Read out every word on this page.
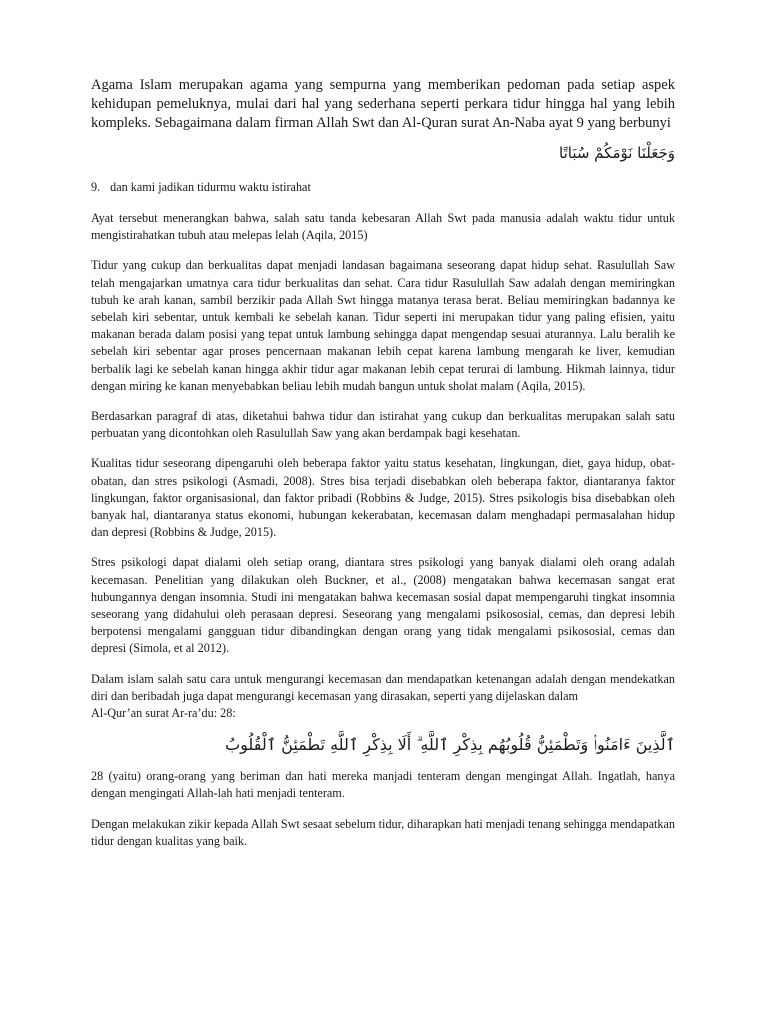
Agama Islam merupakan agama yang sempurna yang memberikan pedoman pada setiap aspek kehidupan pemeluknya, mulai dari hal yang sederhana seperti perkara tidur hingga hal yang lebih kompleks. Sebagaimana dalam firman Allah Swt dan Al-Quran surat An-Naba ayat 9 yang berbunyi

وَجَعَلْنَا نَوْمَكُمْ سُبَاتًا

9. dan kami jadikan tidurmu waktu istirahat

Ayat tersebut menerangkan bahwa, salah satu tanda kebesaran Allah Swt pada manusia adalah waktu tidur untuk mengistirahatkan tubuh atau melepas lelah (Aqila, 2015)

Tidur yang cukup dan berkualitas dapat menjadi landasan bagaimana seseorang dapat hidup sehat. Rasulullah Saw telah mengajarkan umatnya cara tidur berkualitas dan sehat. Cara tidur Rasulullah Saw adalah dengan memiringkan tubuh ke arah kanan, sambil berzikir pada Allah Swt hingga matanya terasa berat. Beliau memiringkan badannya ke sebelah kiri sebentar, untuk kembali ke sebelah kanan. Tidur seperti ini merupakan tidur yang paling efisien, yaitu makanan berada dalam posisi yang tepat untuk lambung sehingga dapat mengendap sesuai aturannya. Lalu beralih ke sebelah kiri sebentar agar proses pencernaan makanan lebih cepat karena lambung mengarah ke liver, kemudian berbalik lagi ke sebelah kanan hingga akhir tidur agar makanan lebih cepat terurai di lambung. Hikmah lainnya, tidur dengan miring ke kanan menyebabkan beliau lebih mudah bangun untuk sholat malam (Aqila, 2015).

Berdasarkan paragraf di atas, diketahui bahwa tidur dan istirahat yang cukup dan berkualitas merupakan salah satu perbuatan yang dicontohkan oleh Rasulullah Saw yang akan berdampak bagi kesehatan.

Kualitas tidur seseorang dipengaruhi oleh beberapa faktor yaitu status kesehatan, lingkungan, diet, gaya hidup, obat-obatan, dan stres psikologi (Asmadi, 2008). Stres bisa terjadi disebabkan oleh beberapa faktor, diantaranya faktor lingkungan, faktor organisasional, dan faktor pribadi (Robbins & Judge, 2015). Stres psikologis bisa disebabkan oleh banyak hal, diantaranya status ekonomi, hubungan kekerabatan, kecemasan dalam menghadapi permasalahan hidup dan depresi (Robbins & Judge, 2015).

Stres psikologi dapat dialami oleh setiap orang, diantara stres psikologi yang banyak dialami oleh orang adalah kecemasan. Penelitian yang dilakukan oleh Buckner, et al., (2008) mengatakan bahwa kecemasan sangat erat hubungannya dengan insomnia. Studi ini mengatakan bahwa kecemasan sosial dapat mempengaruhi tingkat insomnia seseorang yang didahului oleh perasaan depresi. Seseorang yang mengalami psikososial, cemas, dan depresi lebih berpotensi mengalami gangguan tidur dibandingkan dengan orang yang tidak mengalami psikososial, cemas dan depresi (Simola, et al 2012).

Dalam islam salah satu cara untuk mengurangi kecemasan dan mendapatkan ketenangan adalah dengan mendekatkan diri dan beribadah juga dapat mengurangi kecemasan yang dirasakan, seperti yang dijelaskan dalam

Al-Qur’an surat Ar-ra’du: 28:

ٱلَّذِينَ ءَامَنُوا۟ وَتَطْمَئِنُّ قُلُوبُهُم بِذِكْرِ ٱللَّهِ ۗ أَلَا بِذِكْرِ ٱللَّهِ تَطْمَئِنُّ ٱلْقُلُوبُ

28 (yaitu) orang-orang yang beriman dan hati mereka manjadi tenteram dengan mengingat Allah. Ingatlah, hanya dengan mengingati Allah-lah hati menjadi tenteram.

Dengan melakukan zikir kepada Allah Swt sesaat sebelum tidur, diharapkan hati menjadi tenang sehingga mendapatkan tidur dengan kualitas yang baik.
